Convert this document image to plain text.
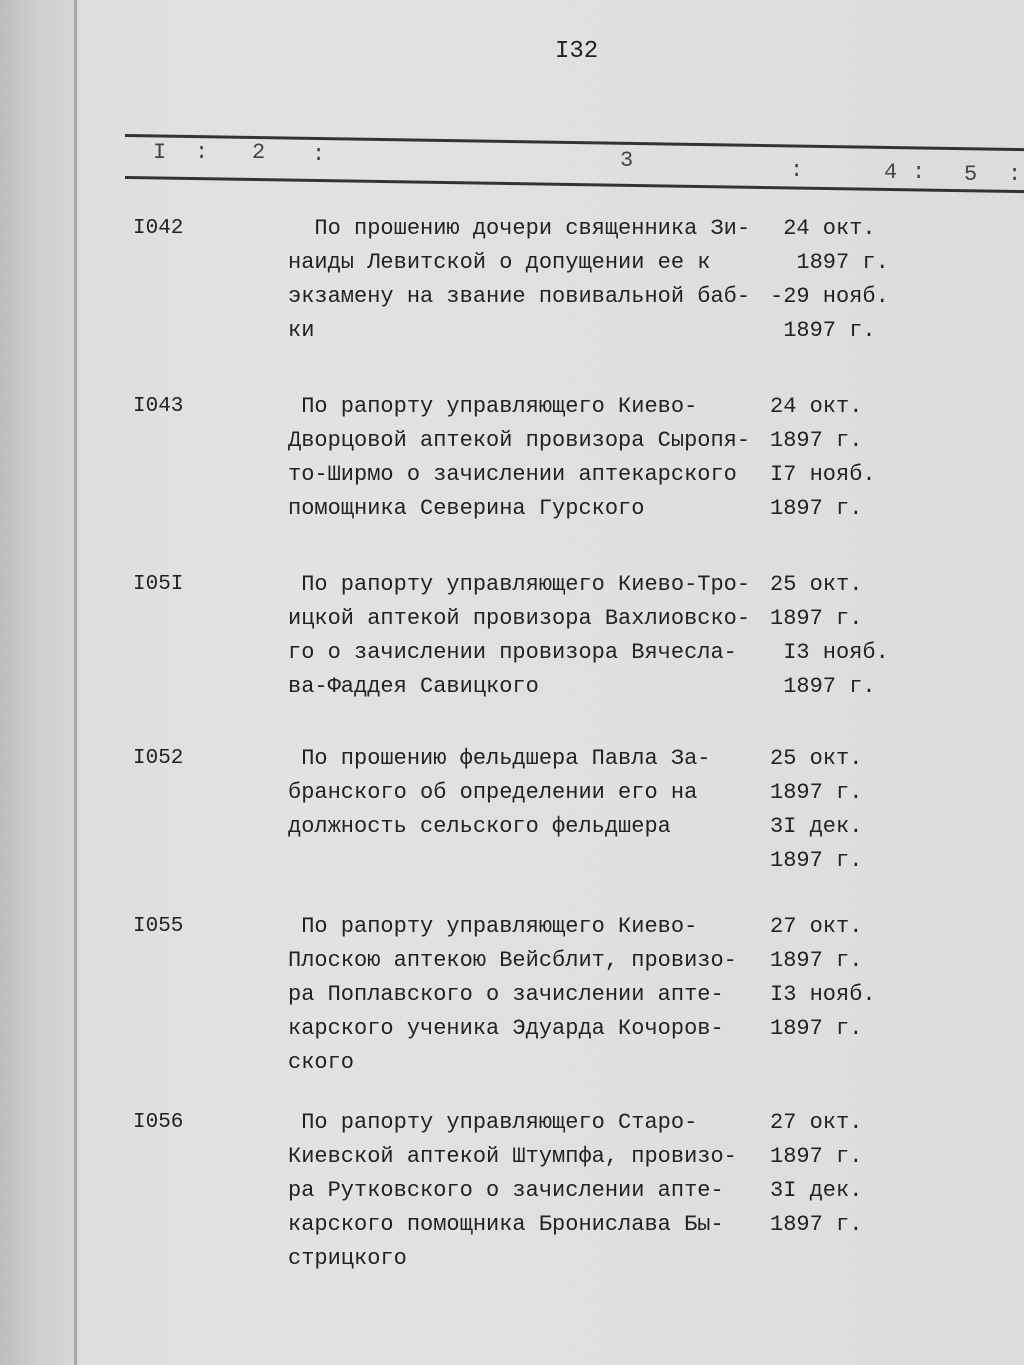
I32
I : 2 :	3	:	4 : 5 :
I042	По прошению дочери священника Зи-
наиды Левитской о допущении ее к
экзамену на звание повивальной баб-
ки
24 окт.
1897 г.
-29 нояб.
1897 г.
I043	По рапорту управляющего Киево-
Дворцовой аптекой провизора Сыропя-
то-Ширмо о зачислении аптекарского
помощника Северина Гурского
24 окт.
1897 г.
I7 нояб.
1897 г.
I05I	По рапорту управляющего Киево-Тро-
ицкой аптекой провизора Вахлиовско-
го о зачислении провизора Вячесла-
ва-Фаддея Савицкого
25 окт.
1897 г.
I3 нояб.
1897 г.
I052	По прошению фельдшера Павла За-
бранского об определении его на
должность сельского фельдшера
25 окт.
1897 г.
3I дек.
1897 г.
I055	По рапорту управляющего Киево-
Плоскою аптекою Вейсблит, провизо-
ра Поплавского о зачислении апте-
карского ученика Эдуарда Кочоров-
ского
27 окт.
1897 г.
I3 нояб.
1897 г.
I056	По рапорту управляющего Старо-
Киевской аптекой Штумпфа, провизо-
ра Рутковского о зачислении апте-
карского помощника Бронислава Бы-
стрицкого
27 окт.
1897 г.
3I дек.
1897 г.
